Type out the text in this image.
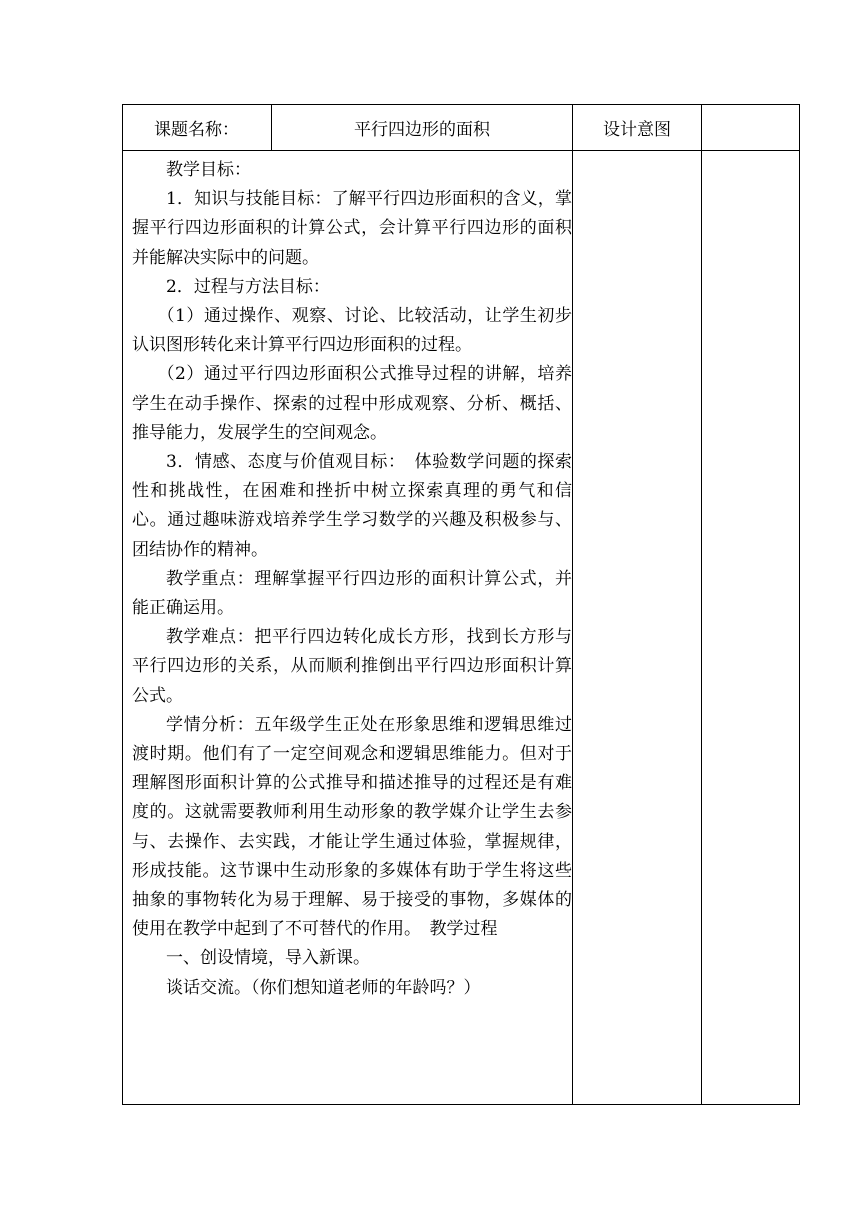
课题名称：	平行四边形的面积	设计意图

教学目标：

1．知识与技能目标：了解平行四边形面积的含义，掌握平行四边形面积的计算公式，会计算平行四边形的面积并能解决实际中的问题。

2．过程与方法目标：

（1）通过操作、观察、讨论、比较活动，让学生初步认识图形转化来计算平行四边形面积的过程。

（2）通过平行四边形面积公式推导过程的讲解，培养学生在动手操作、探索的过程中形成观察、分析、概括、推导能力，发展学生的空间观念。

3．情感、态度与价值观目标：　体验数学问题的探索性和挑战性，在困难和挫折中树立探索真理的勇气和信心。通过趣味游戏培养学生学习数学的兴趣及积极参与、团结协作的精神。

教学重点：理解掌握平行四边形的面积计算公式，并能正确运用。

教学难点：把平行四边转化成长方形，找到长方形与平行四边形的关系，从而顺利推倒出平行四边形面积计算公式。

学情分析：五年级学生正处在形象思维和逻辑思维过渡时期。他们有了一定空间观念和逻辑思维能力。但对于理解图形面积计算的公式推导和描述推导的过程还是有难度的。这就需要教师利用生动形象的教学媒介让学生去参与、去操作、去实践，才能让学生通过体验，掌握规律，形成技能。这节课中生动形象的多媒体有助于学生将这些抽象的事物转化为易于理解、易于接受的事物，多媒体的使用在教学中起到了不可替代的作用。　教学过程

一、创设情境，导入新课。

谈话交流。（你们想知道老师的年龄吗？）
